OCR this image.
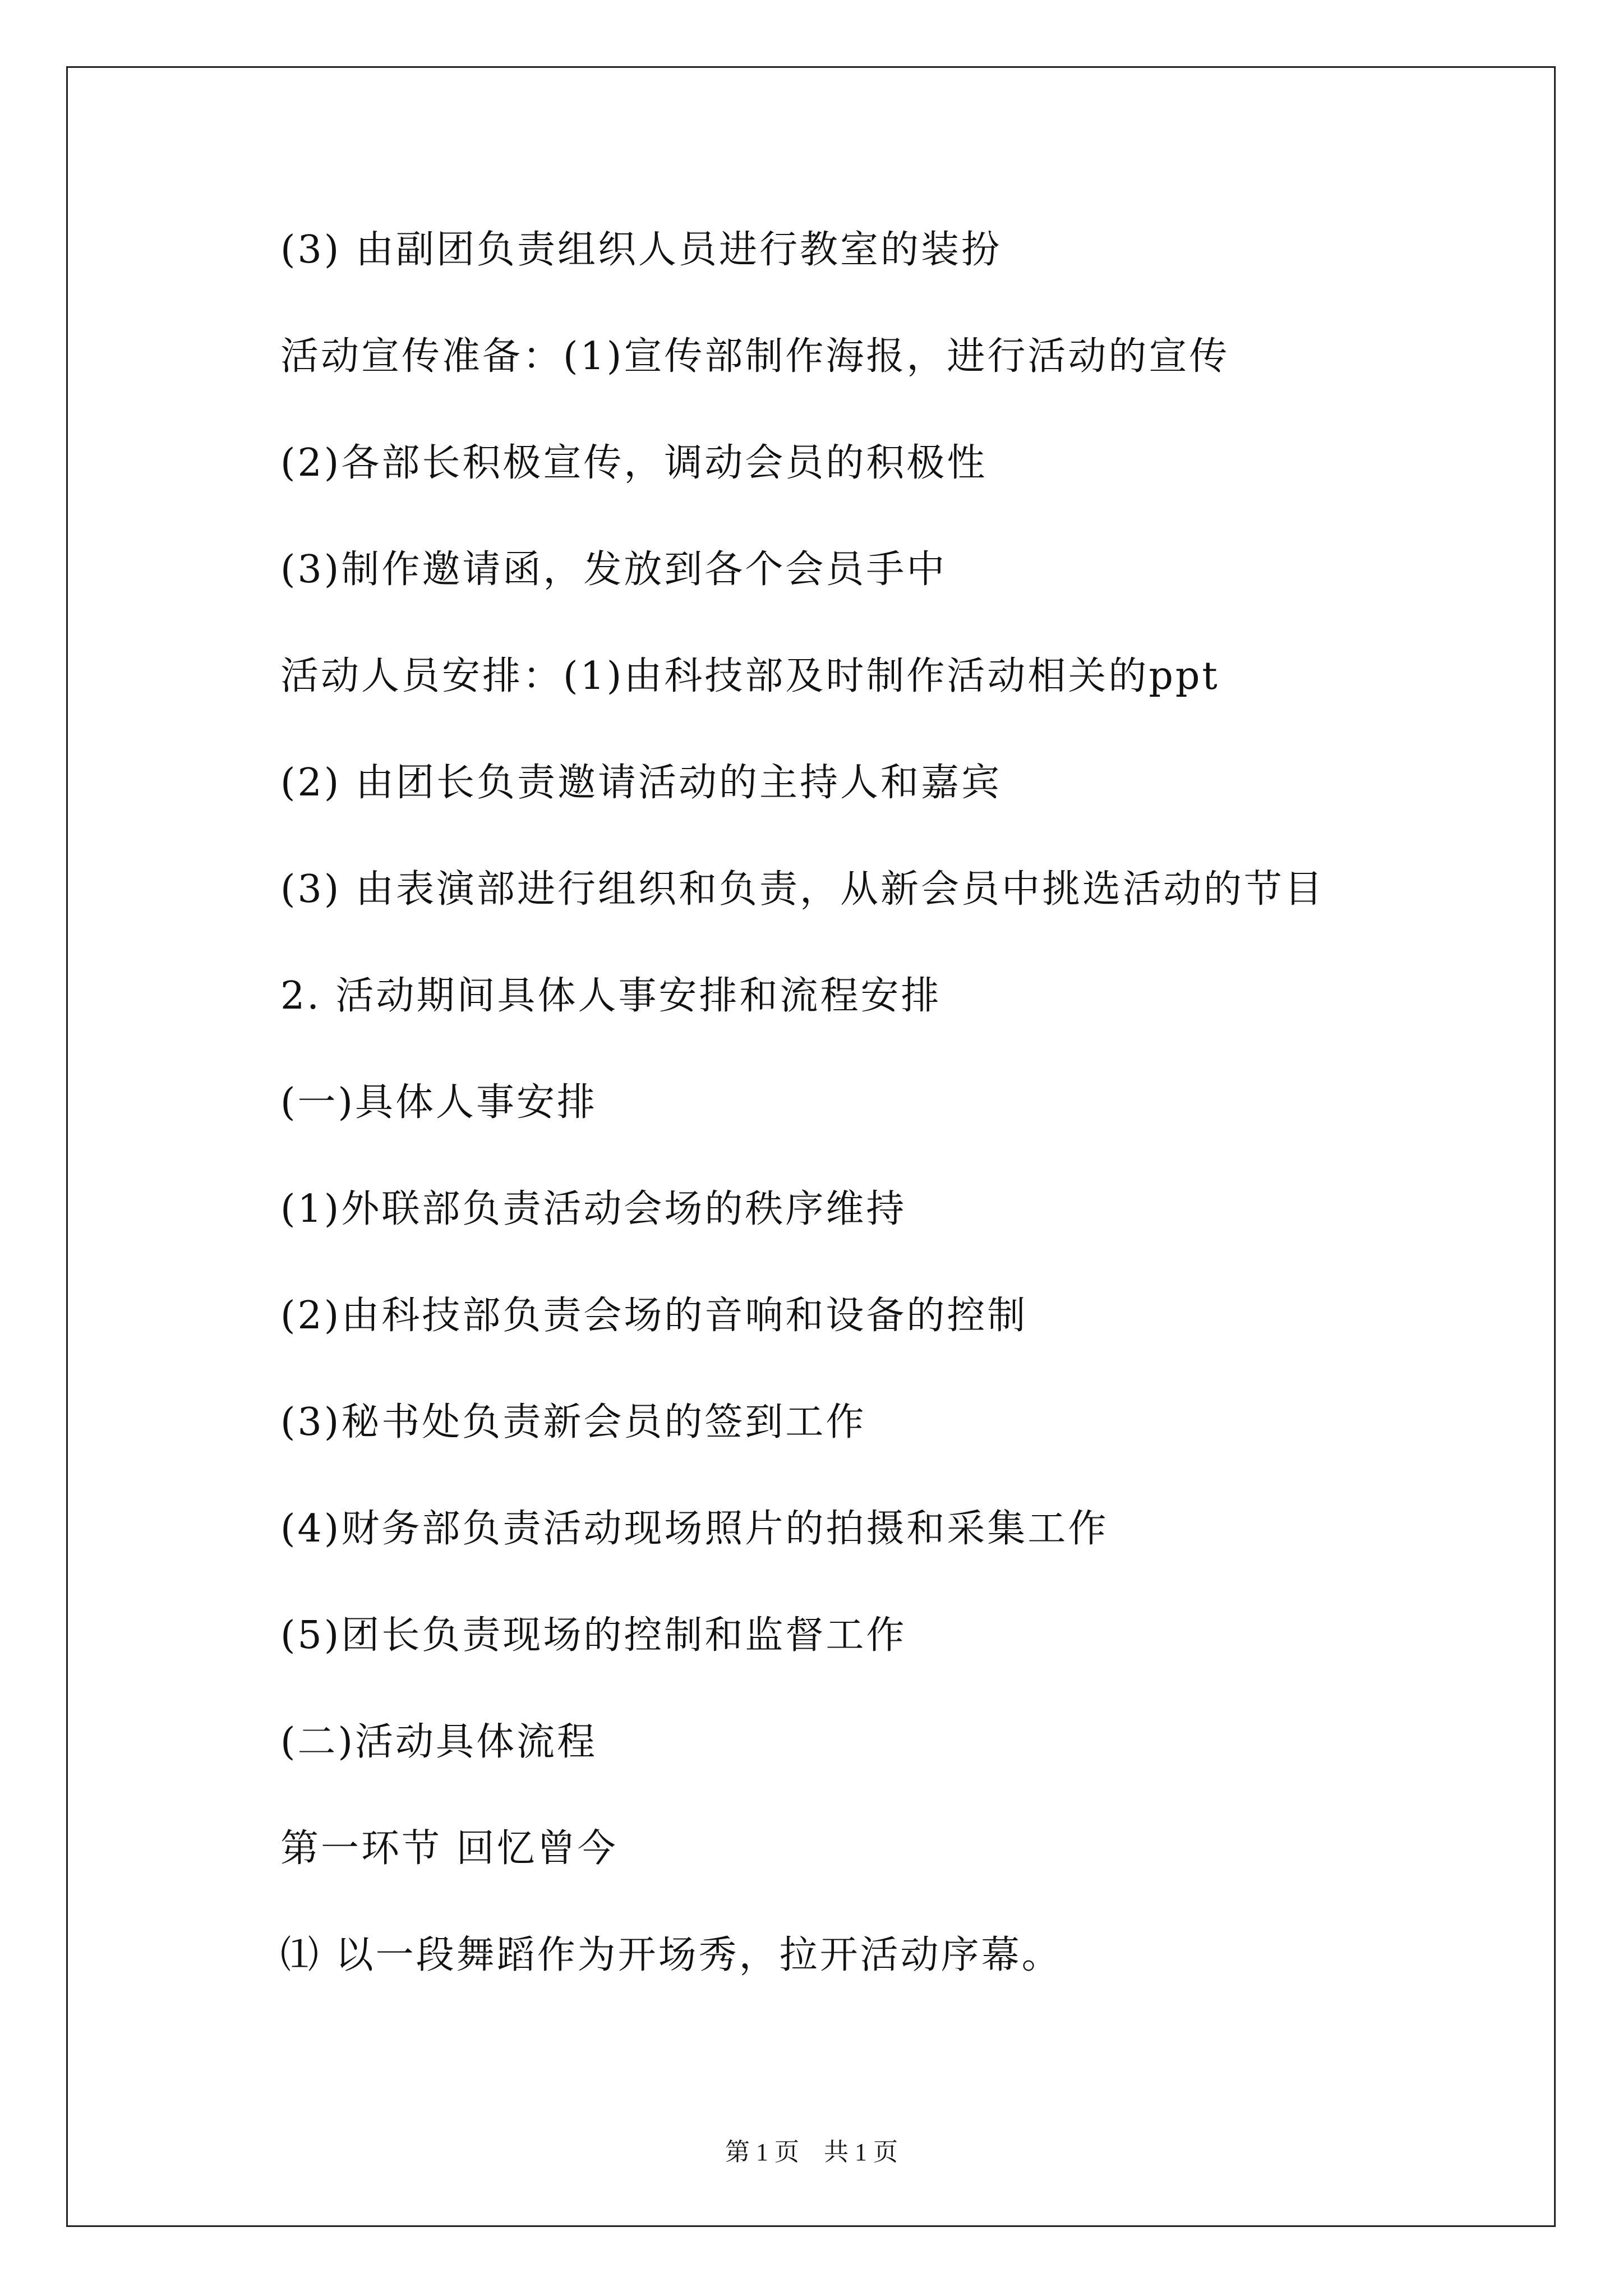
(3) 由副团负责组织人员进行教室的装扮
活动宣传准备：(1)宣传部制作海报，进行活动的宣传
(2)各部长积极宣传，调动会员的积极性
(3)制作邀请函，发放到各个会员手中
活动人员安排：(1)由科技部及时制作活动相关的ppt
(2) 由团长负责邀请活动的主持人和嘉宾
(3) 由表演部进行组织和负责，从新会员中挑选活动的节目
2. 活动期间具体人事安排和流程安排
(一)具体人事安排
(1)外联部负责活动会场的秩序维持
(2)由科技部负责会场的音响和设备的控制
(3)秘书处负责新会员的签到工作
(4)财务部负责活动现场照片的拍摄和采集工作
(5)团长负责现场的控制和监督工作
(二)活动具体流程
第一环节 回忆曾今
⑴ 以一段舞蹈作为开场秀，拉开活动序幕。
第 1 页　共 1 页
